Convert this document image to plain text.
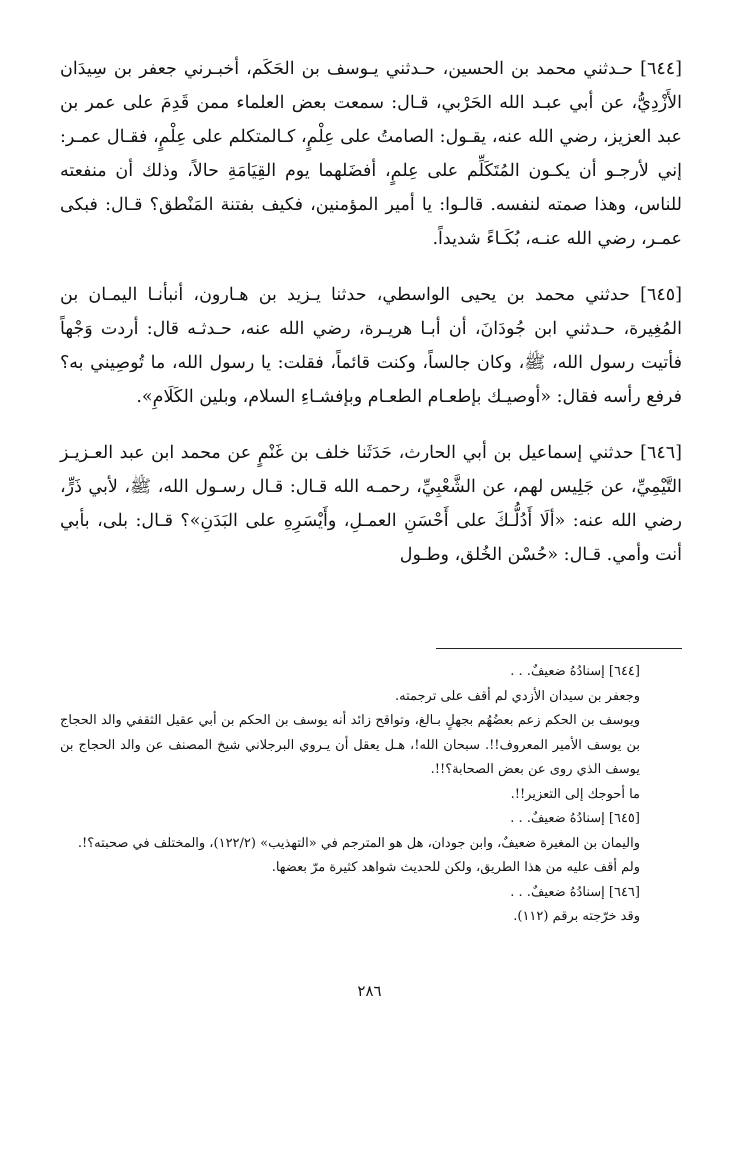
[٦٤٤] حـدثني محمد بن الحسين، حـدثني يـوسف بن الحَكَم، أخبـرني جعفر بن سِيدَان الأَزْدِيُّ، عن أبي عبـد الله الحَرْبي، قـال: سمعت بعض العلماء ممن قَدِمَ على عمر بن عبد العزيز، رضي الله عنه، يقـول: الصامتُ على عِلْمٍ، كـالمتكلم على عِلْمٍ، فقـال عمـر: إني لأرجـو أن يكـون المُتَكَلِّم على عِلمٍ، أفضَلهما يوم القِيَامَةِ حالاً، وذلك أن منفعته للناس، وهذا صمته لنفسه. قالـوا: يا أمير المؤمنين، فكيف بفتنة المَنْطق؟ قـال: فبكى عمـر، رضي الله عنـه، بُكَـاءً شديداً.

[٦٤٥] حدثني محمد بن يحيى الواسطي، حدثنا يـزيد بن هـارون، أنبأنـا اليمـان بن المُغِيرة، حـدثني ابن جُودَانَ، أن أبـا هريـرة، رضي الله عنه، حـدثـه قال: أردت وَجْهاً فأتيت رسول الله، ﷺ، وكان جالساً، وكنت قائماً، فقلت: يا رسول الله، ما تُوصِيني به؟ فرفع رأسه فقال: «أوصيـك بإطعـام الطعـام وبإفشـاءِ السلام، وبلين الكَلَامِ».

[٦٤٦] حدثني إسماعيل بن أبي الحارث، حَدَثَنا خلف بن غَنْمٍ عن محمد ابن عبد العـزيـز التَّيْمِيِّ، عن جَلِيس لهم، عن الشَّعْبِيِّ، رحمـه الله قـال: قـال رسـول الله، ﷺ، لأبي ذَرٍّ، رضي الله عنه: «ألَا أَدُلُّـكَ على أَحْسَنِ العمـلِ، وأَيْسَرِهِ على البَدَنِ»؟ قـال: بلى، بأبي أنت وأمي. قـال: «حُسْن الخُلق، وطـول

[٦٤٤] إسنادُهُ ضعيفٌ. . .

وجعفر بن سيدان الأزدي لم أقف على ترجمته.

ويوسف بن الحكم زعم بعضُهُم بجهلٍ بـالغ، وتواقح زائد أنه يوسف بن الحكم بن أبي عقيل الثقفي والد الحجاج بن يوسف الأمير المعروف!!. سبحان الله!، هـل يعقل أن يـروي البرجلاني شيخ المصنف عن والد الحجاج بن يوسف الذي روى عن بعض الصحابة؟!!.

ما أحوجك إلى التعزير!!.

[٦٤٥] إسنادُهُ ضعيفٌ. . .

واليمان بن المغيرة ضعيفٌ، وابن جودان، هل هو المترجم في «التهذيب» (١٢٢/٢)، والمختلف في صحبته؟!.

ولم أقف عليه من هذا الطريق، ولكن للحديث شواهد كثيرة مرّ بعضها.

[٦٤٦] إسنادُهُ ضعيفٌ. . .

وقد خرّجته برقم (١١٢).

٢٨٦
